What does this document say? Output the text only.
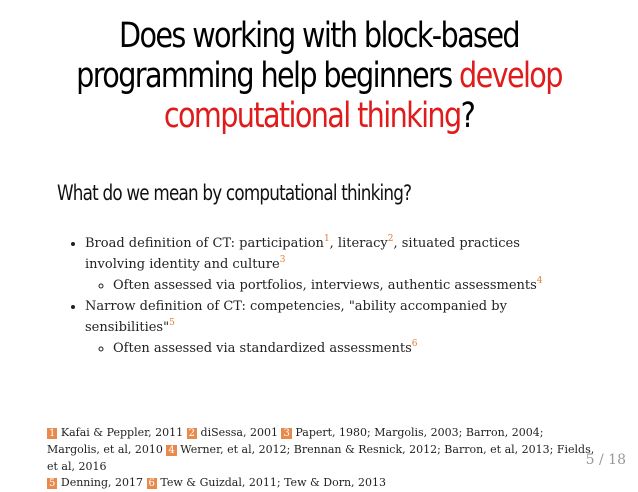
Does working with block-based
programming help beginners develop
computational thinking?
What do we mean by computational thinking?
• Broad definition of CT: participation$^1$, literacy$^2$, situated practices involving identity and culture$^3$
◦ Often assessed via portfolios, interviews, authentic assessments$^4$
• Narrow definition of CT: competencies, "ability accompanied by sensibilities"$^5$
◦ Often assessed via standardized assessments$^6$
1 Kafai & Peppler, 2011 2 diSessa, 2001 3 Papert, 1980; Margolis, 2003; Barron, 2004; Margolis, et al, 2010 4 Werner, et al, 2012; Brennan & Resnick, 2012; Barron, et al, 2013; Fields, et al, 2016
5 Denning, 2017 6 Tew & Guizdal, 2011; Tew & Dorn, 2013
5 / 18
